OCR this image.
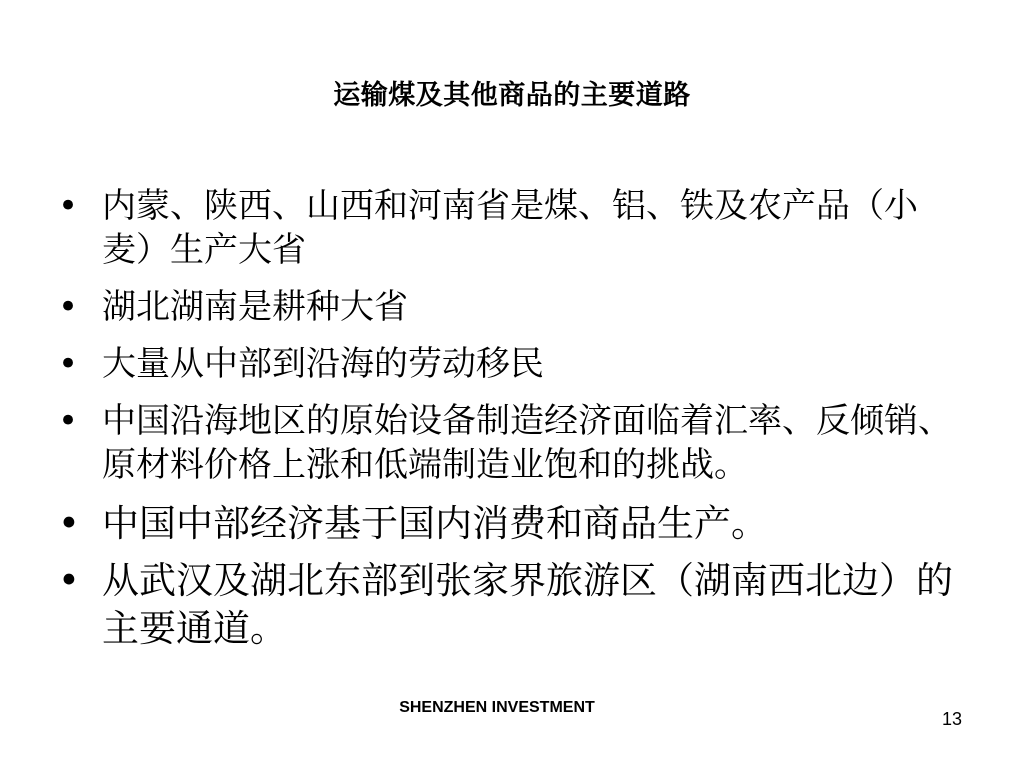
运输煤及其他商品的主要道路
• 内蒙、陕西、山西和河南省是煤、铝、铁及农产品（小麦）生产大省
• 湖北湖南是耕种大省
• 大量从中部到沿海的劳动移民
• 中国沿海地区的原始设备制造经济面临着汇率、反倾销、原材料价格上涨和低端制造业饱和的挑战。
• 中国中部经济基于国内消费和商品生产。
• 从武汉及湖北东部到张家界旅游区（湖南西北边）的主要通道。
SHENZHEN INVESTMENT
13
